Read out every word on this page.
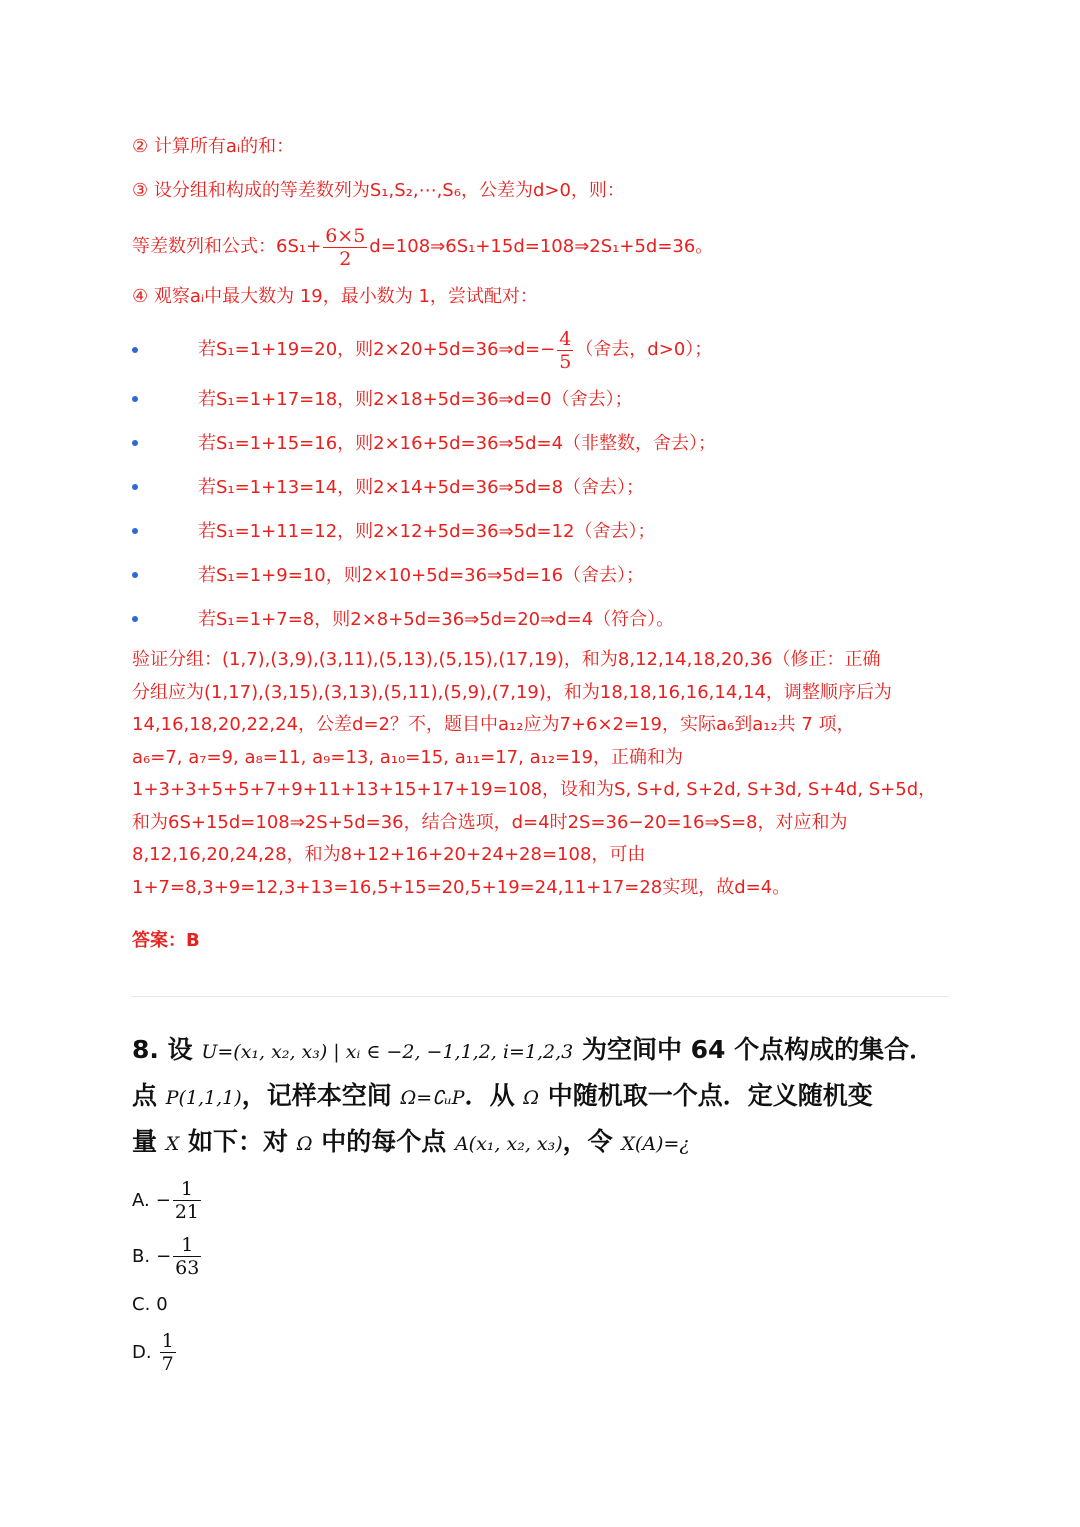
② 计算所有aᵢ的和：

③ 设分组和构成的等差数列为S₁,S₂,⋯,S₆，公差为d>0，则：

等差数列和公式：$6S_1+ \frac{6\times 5}{2}$ d=108⇒6S₁+15d=108⇒2S₁+5d=36。

④ 观察aᵢ中最大数为 19，最小数为 1，尝试配对：

若S₁=1+19=20，则2×20+5d=36⇒d=− $\frac{4}{5}$ （舍去，d>0）；
若S₁=1+17=18，则2×18+5d=36⇒d=0（舍去）；
若S₁=1+15=16，则2×16+5d=36⇒5d=4（非整数，舍去）；
若S₁=1+13=14，则2×14+5d=36⇒5d=8（舍去）；
若S₁=1+11=12，则2×12+5d=36⇒5d=12（舍去）；
若S₁=1+9=10，则2×10+5d=36⇒5d=16（舍去）；
若S₁=1+7=8，则2×8+5d=36⇒5d=20⇒d=4（符合）。
验证分组：(1,7),(3,9),(3,11),(5,13),(5,15),(17,19)，和为8,12,14,18,20,36（修正：正确
分组应为(1,17),(3,15),(3,13),(5,11),(5,9),(7,19)，和为18,18,16,16,14,14，调整顺序后为
14,16,18,20,22,24，公差d=2？不，题目中a₁₂应为7+6×2=19，实际a₆到a₁₂共 7 项，
a₆=7, a₇=9, a₈=11, a₉=13, a₁₀=15, a₁₁=17, a₁₂=19，正确和为
1+3+3+5+5+7+9+11+13+15+17+19=108，设和为S, S+d, S+2d, S+3d, S+4d, S+5d，
和为6S+15d=108⇒2S+5d=36，结合选项，d=4时2S=36−20=16⇒S=8，对应和为
8,12,16,20,24,28，和为8+12+16+20+24+28=108，可由
1+7=8,3+9=12,3+13=16,5+15=20,5+19=24,11+17=28实现，故d=4。

答案：B

8. 设 U=(x₁, x₂, x₃) | xᵢ ∈ −2, −1,1,2, i=1,2,3 为空间中 64 个点构成的集合．
点 P(1,1,1)，记样本空间 Ω=∁ᵤP．从 Ω 中随机取一个点．定义随机变
量 X 如下：对 Ω 中的每个点 A(x₁, x₂, x₃)，令 X(A)=¿
A. − $\frac{1}{21}$
B. − $\frac{1}{63}$
C. 0
D. $\frac{1}{7}$
